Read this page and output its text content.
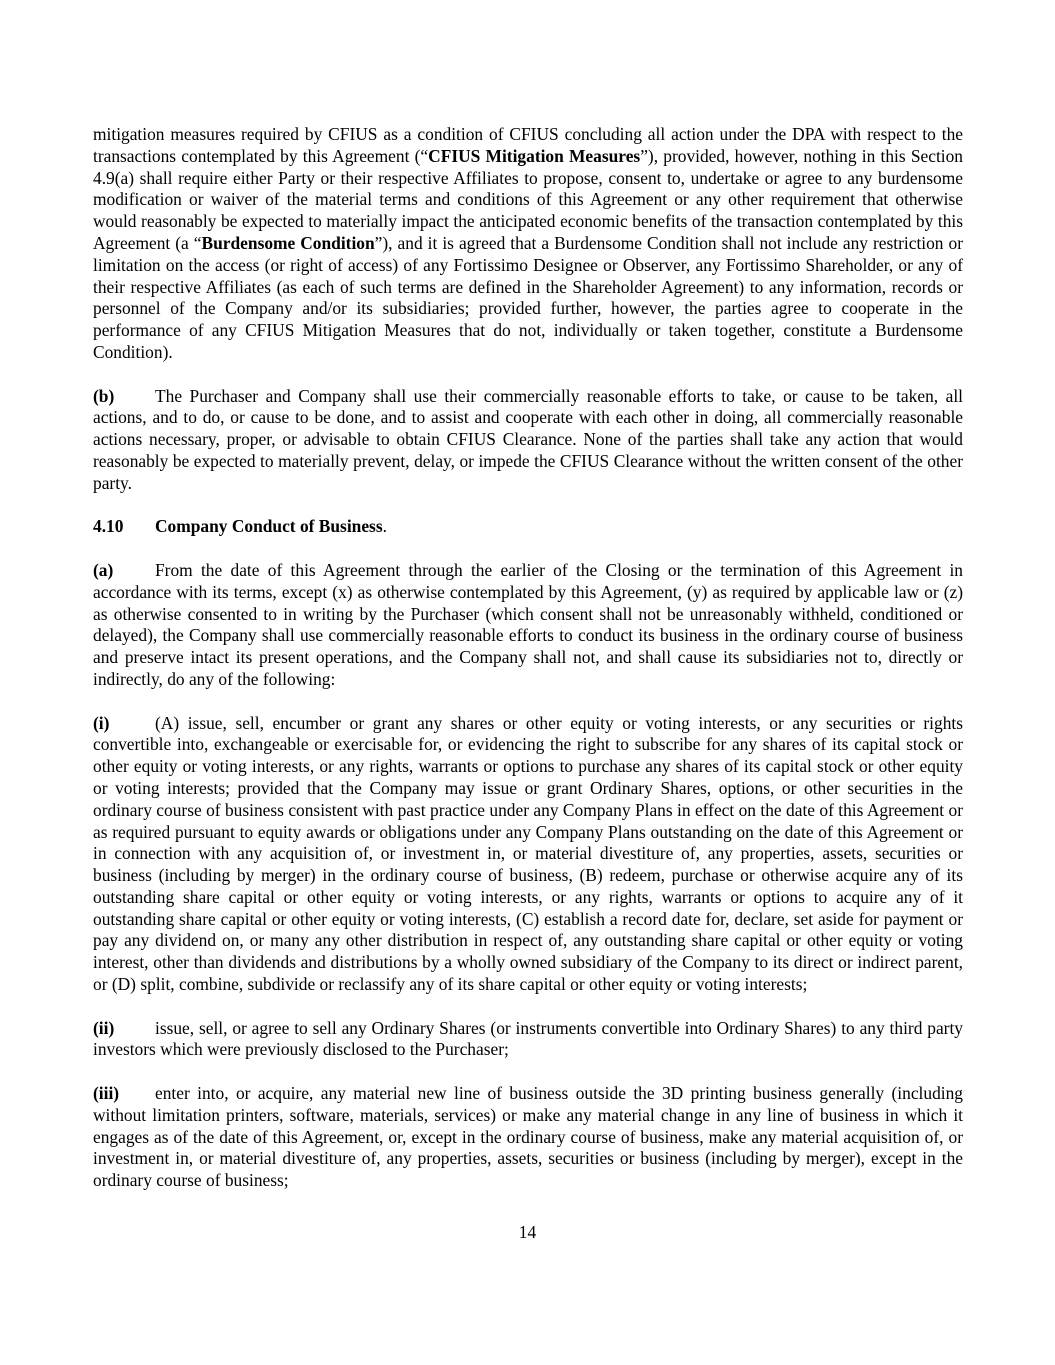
mitigation measures required by CFIUS as a condition of CFIUS concluding all action under the DPA with respect to the transactions contemplated by this Agreement (“CFIUS Mitigation Measures”), provided, however, nothing in this Section 4.9(a) shall require either Party or their respective Affiliates to propose, consent to, undertake or agree to any burdensome modification or waiver of the material terms and conditions of this Agreement or any other requirement that otherwise would reasonably be expected to materially impact the anticipated economic benefits of the transaction contemplated by this Agreement (a “Burdensome Condition”), and it is agreed that a Burdensome Condition shall not include any restriction or limitation on the access (or right of access) of any Fortissimo Designee or Observer, any Fortissimo Shareholder, or any of their respective Affiliates (as each of such terms are defined in the Shareholder Agreement) to any information, records or personnel of the Company and/or its subsidiaries; provided further, however, the parties agree to cooperate in the performance of any CFIUS Mitigation Measures that do not, individually or taken together, constitute a Burdensome Condition).

(b) The Purchaser and Company shall use their commercially reasonable efforts to take, or cause to be taken, all actions, and to do, or cause to be done, and to assist and cooperate with each other in doing, all commercially reasonable actions necessary, proper, or advisable to obtain CFIUS Clearance. None of the parties shall take any action that would reasonably be expected to materially prevent, delay, or impede the CFIUS Clearance without the written consent of the other party.

4.10 Company Conduct of Business.

(a) From the date of this Agreement through the earlier of the Closing or the termination of this Agreement in accordance with its terms, except (x) as otherwise contemplated by this Agreement, (y) as required by applicable law or (z) as otherwise consented to in writing by the Purchaser (which consent shall not be unreasonably withheld, conditioned or delayed), the Company shall use commercially reasonable efforts to conduct its business in the ordinary course of business and preserve intact its present operations, and the Company shall not, and shall cause its subsidiaries not to, directly or indirectly, do any of the following:

(i)	(A) issue, sell, encumber or grant any shares or other equity or voting interests, or any securities or rights convertible into, exchangeable or exercisable for, or evidencing the right to subscribe for any shares of its capital stock or other equity or voting interests, or any rights, warrants or options to purchase any shares of its capital stock or other equity or voting interests; provided that the Company may issue or grant Ordinary Shares, options, or other securities in the ordinary course of business consistent with past practice under any Company Plans in effect on the date of this Agreement or as required pursuant to equity awards or obligations under any Company Plans outstanding on the date of this Agreement or in connection with any acquisition of, or investment in, or material divestiture of, any properties, assets, securities or business (including by merger) in the ordinary course of business, (B) redeem, purchase or otherwise acquire any of its outstanding share capital or other equity or voting interests, or any rights, warrants or options to acquire any of it outstanding share capital or other equity or voting interests, (C) establish a record date for, declare, set aside for payment or pay any dividend on, or many any other distribution in respect of, any outstanding share capital or other equity or voting interest, other than dividends and distributions by a wholly owned subsidiary of the Company to its direct or indirect parent, or (D) split, combine, subdivide or reclassify any of its share capital or other equity or voting interests;

(ii) issue, sell, or agree to sell any Ordinary Shares (or instruments convertible into Ordinary Shares) to any third party investors which were previously disclosed to the Purchaser;

(iii) enter into, or acquire, any material new line of business outside the 3D printing business generally (including without limitation printers, software, materials, services) or make any material change in any line of business in which it engages as of the date of this Agreement, or, except in the ordinary course of business, make any material acquisition of, or investment in, or material divestiture of, any properties, assets, securities or business (including by merger), except in the ordinary course of business;

14
